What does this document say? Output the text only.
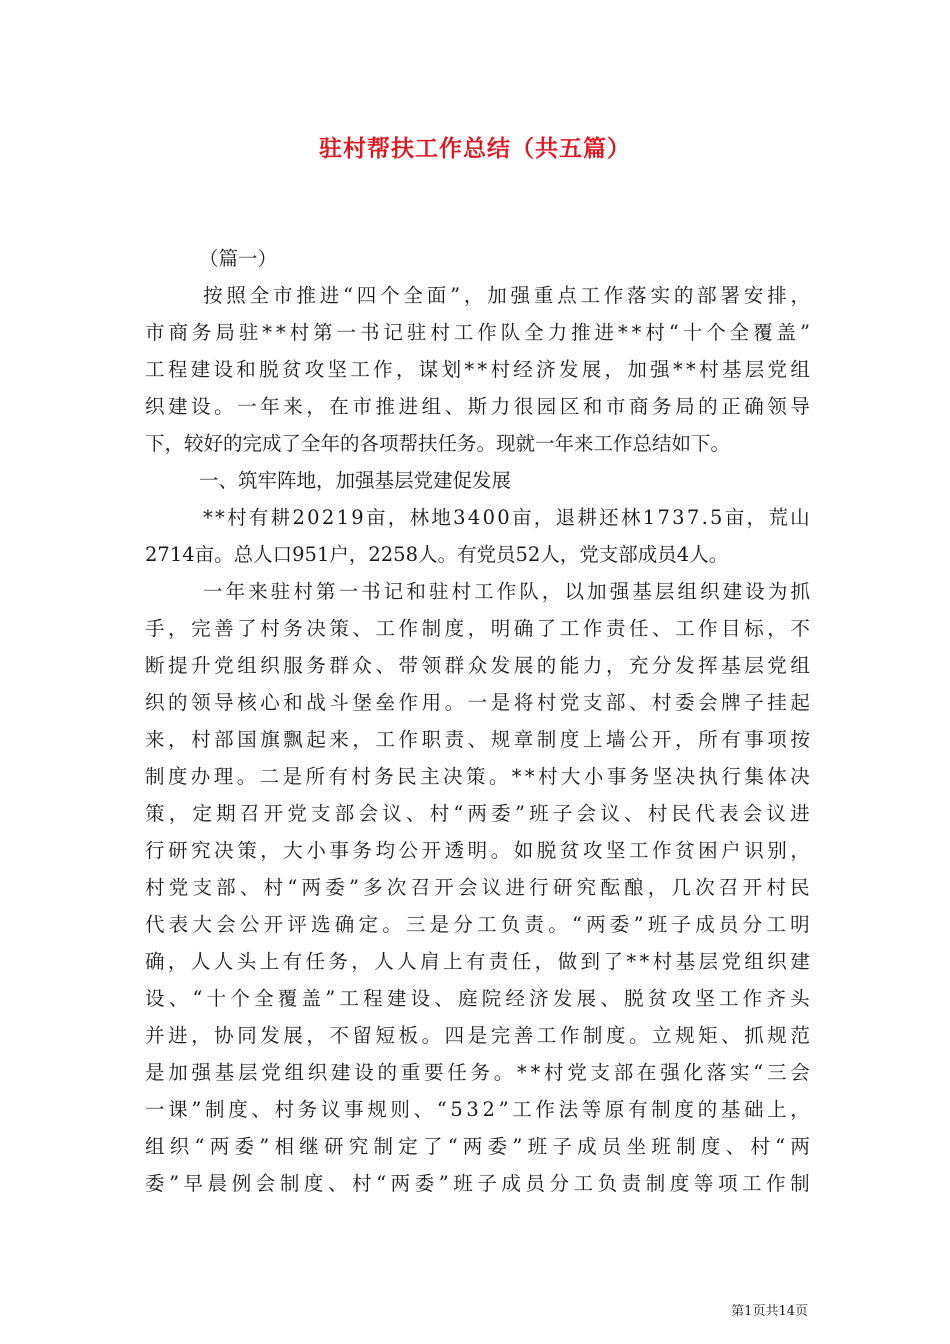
驻村帮扶工作总结（共五篇）
（篇一）
按 照 全 市 推 进 “ 四 个 全 面 ” ， 加 强 重 点 工 作 落 实 的 部 署 安 排 ，
市 商 务 局 驻 * * 村 第 一 书 记 驻 村 工 作 队 全 力 推 进 * * 村 “ 十 个 全 覆 盖 ”
工 程 建 设 和 脱 贫 攻 坚 工 作 ， 谋 划 * * 村 经 济 发 展 ， 加 强 * * 村 基 层 党 组
织 建 设 。 一 年 来 ， 在 市 推 进 组 、 斯 力 很 园 区 和 市 商 务 局 的 正 确 领 导
下，较好的完成了全年的各项帮扶任务。现就一年来工作总结如下。
一、筑牢阵地，加强基层党建促发展
* * 村 有 耕 2 0 2 1 9 亩 ， 林 地 3 4 0 0 亩 ， 退 耕 还 林 1 7 3 7 . 5 亩 ， 荒 山
2714亩。总人口951户，2258人。有党员52人，党支部成员4人。
一 年 来 驻 村 第 一 书 记 和 驻 村 工 作 队 ， 以 加 强 基 层 组 织 建 设 为 抓
手 ， 完 善 了 村 务 决 策 、 工 作 制 度 ， 明 确 了 工 作 责 任 、 工 作 目 标 ， 不
断 提 升 党 组 织 服 务 群 众 、 带 领 群 众 发 展 的 能 力 ， 充 分 发 挥 基 层 党 组
织 的 领 导 核 心 和 战 斗 堡 垒 作 用 。 一 是 将 村 党 支 部 、 村 委 会 牌 子 挂 起
来 ， 村 部 国 旗 飘 起 来 ， 工 作 职 责 、 规 章 制 度 上 墙 公 开 ， 所 有 事 项 按
制 度 办 理 。 二 是 所 有 村 务 民 主 决 策 。 * * 村 大 小 事 务 坚 决 执 行 集 体 决
策 ， 定 期 召 开 党 支 部 会 议 、 村 “ 两 委 ” 班 子 会 议 、 村 民 代 表 会 议 进
行 研 究 决 策 ， 大 小 事 务 均 公 开 透 明 。 如 脱 贫 攻 坚 工 作 贫 困 户 识 别 ，
村 党 支 部 、 村 “ 两 委 ” 多 次 召 开 会 议 进 行 研 究 酝 酿 ， 几 次 召 开 村 民
代 表 大 会 公 开 评 选 确 定 。 三 是 分 工 负 责 。 “ 两 委 ” 班 子 成 员 分 工 明
确 ， 人 人 头 上 有 任 务 ， 人 人 肩 上 有 责 任 ， 做 到 了 * * 村 基 层 党 组 织 建
设 、 “ 十 个 全 覆 盖 ” 工 程 建 设 、 庭 院 经 济 发 展 、 脱 贫 攻 坚 工 作 齐 头
并 进 ， 协 同 发 展 ， 不 留 短 板 。 四 是 完 善 工 作 制 度 。 立 规 矩 、 抓 规 范
是 加 强 基 层 党 组 织 建 设 的 重 要 任 务 。 * * 村 党 支 部 在 强 化 落 实 “ 三 会
一 课 ” 制 度 、 村 务 议 事 规 则 、 “ 5 3 2 ” 工 作 法 等 原 有 制 度 的 基 础 上 ，
组 织 “ 两 委 ” 相 继 研 究 制 定 了 “ 两 委 ” 班 子 成 员 坐 班 制 度 、 村 “ 两
委 ” 早 晨 例 会 制 度 、 村 “ 两 委 ” 班 子 成 员 分 工 负 责 制 度 等 项 工 作 制
第1页共14页
